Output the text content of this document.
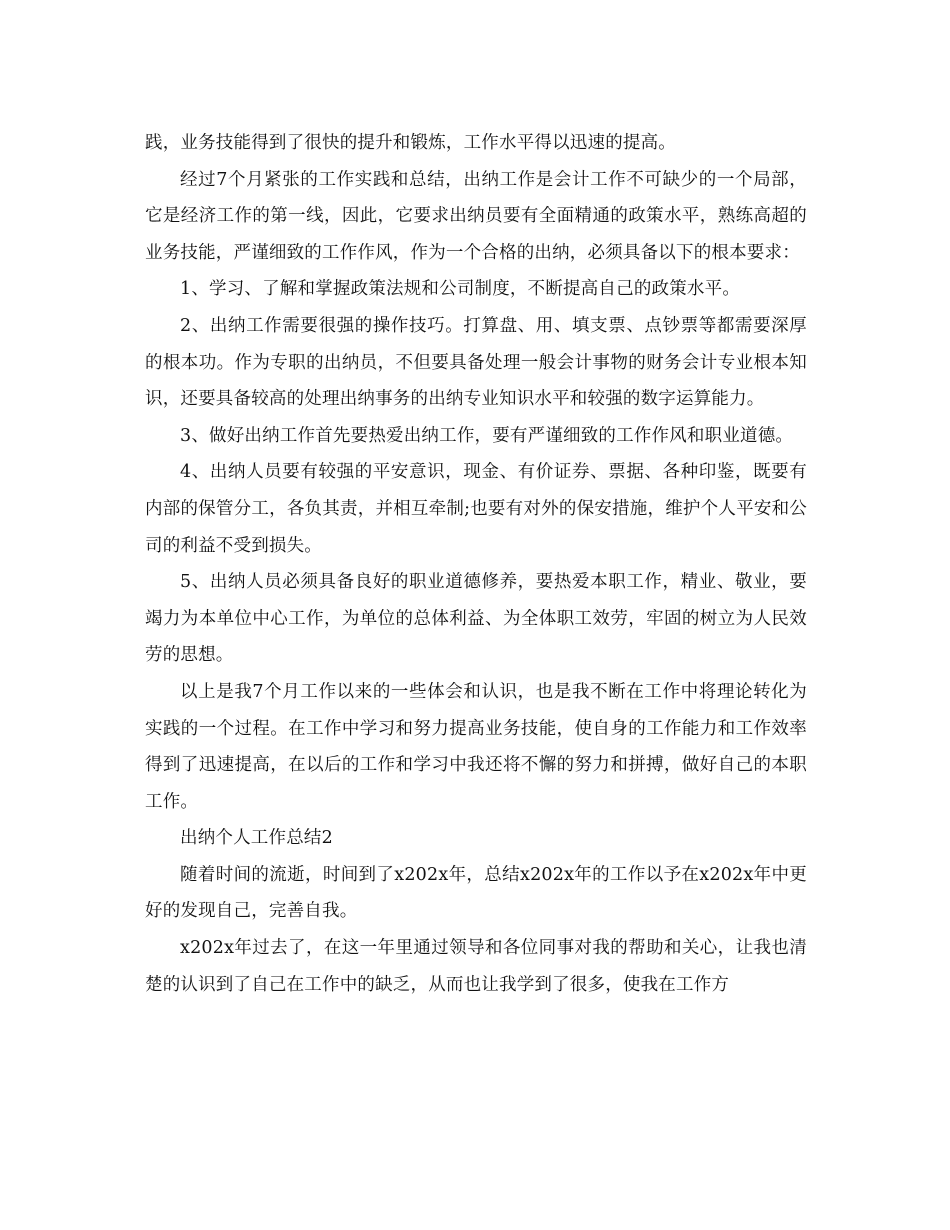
践，业务技能得到了很快的提升和锻炼，工作水平得以迅速的提高。

经过7个月紧张的工作实践和总结，出纳工作是会计工作不可缺少的一个局部，它是经济工作的第一线，因此，它要求出纳员要有全面精通的政策水平，熟练高超的业务技能，严谨细致的工作作风，作为一个合格的出纳，必须具备以下的根本要求：

1、学习、了解和掌握政策法规和公司制度，不断提高自己的政策水平。

2、出纳工作需要很强的操作技巧。打算盘、用、填支票、点钞票等都需要深厚的根本功。作为专职的出纳员，不但要具备处理一般会计事物的财务会计专业根本知识，还要具备较高的处理出纳事务的出纳专业知识水平和较强的数字运算能力。

3、做好出纳工作首先要热爱出纳工作，要有严谨细致的工作作风和职业道德。

4、出纳人员要有较强的平安意识，现金、有价证券、票据、各种印鉴，既要有内部的保管分工，各负其责，并相互牵制;也要有对外的保安措施，维护个人平安和公司的利益不受到损失。

5、出纳人员必须具备良好的职业道德修养，要热爱本职工作，精业、敬业，要竭力为本单位中心工作，为单位的总体利益、为全体职工效劳，牢固的树立为人民效劳的思想。

以上是我7个月工作以来的一些体会和认识，也是我不断在工作中将理论转化为实践的一个过程。在工作中学习和努力提高业务技能，使自身的工作能力和工作效率得到了迅速提高，在以后的工作和学习中我还将不懈的努力和拼搏，做好自己的本职工作。

出纳个人工作总结2

随着时间的流逝，时间到了x202x年，总结x202x年的工作以予在x202x年中更好的发现自己，完善自我。

x202x年过去了，在这一年里通过领导和各位同事对我的帮助和关心，让我也清楚的认识到了自己在工作中的缺乏，从而也让我学到了很多，使我在工作方
